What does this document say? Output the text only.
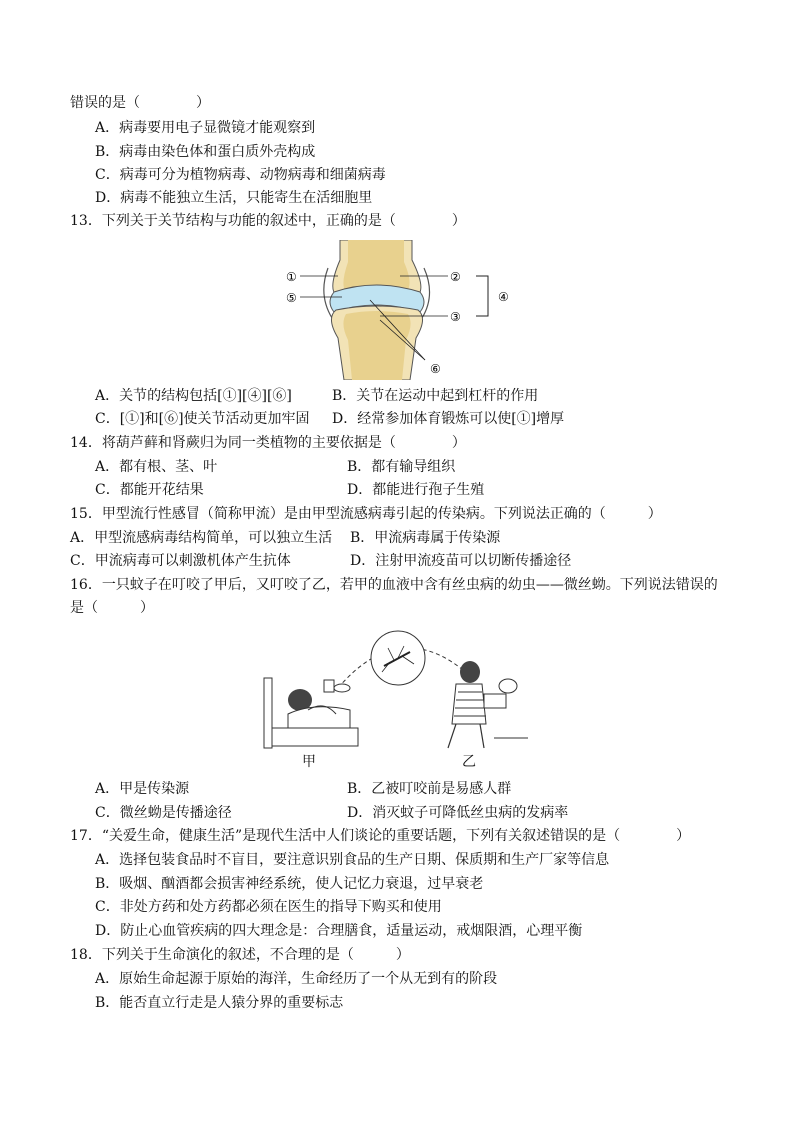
错误的是（　　　　）
A．病毒要用电子显微镜才能观察到
B．病毒由染色体和蛋白质外壳构成
C．病毒可分为植物病毒、动物病毒和细菌病毒
D．病毒不能独立生活，只能寄生在活细胞里
13．下列关于关节结构与功能的叙述中，正确的是（　　　　）
①
⑤
②
③
④
⑥
A．关节的结构包括[①][④][⑥]	B．关节在运动中起到杠杆的作用
C．[①]和[⑥]使关节活动更加牢固 D．经常参加体育锻炼可以使[①]增厚
14．将葫芦藓和肾蕨归为同一类植物的主要依据是（　　　　）
A．都有根、茎、叶	B．都有输导组织
C．都能开花结果	D．都能进行孢子生殖
15．甲型流行性感冒（简称甲流）是由甲型流感病毒引起的传染病。下列说法正确的（　　　）
A．甲型流感病毒结构简单，可以独立生活 B．甲流病毒属于传染源
C．甲流病毒可以刺激机体产生抗体	D．注射甲流疫苗可以切断传播途径
16．一只蚊子在叮咬了甲后，又叮咬了乙，若甲的血液中含有丝虫病的幼虫——微丝蚴。下列说法错误的
是（　　　）
甲	乙
A．甲是传染源	B．乙被叮咬前是易感人群
C．微丝蚴是传播途径	D．消灭蚊子可降低丝虫病的发病率
17．“关爱生命，健康生活”是现代生活中人们谈论的重要话题，下列有关叙述错误的是（　　　　）
A．选择包装食品时不盲目，要注意识别食品的生产日期、保质期和生产厂家等信息
B．吸烟、酗酒都会损害神经系统，使人记忆力衰退，过早衰老
C．非处方药和处方药都必须在医生的指导下购买和使用
D．防止心血管疾病的四大理念是：合理膳食，适量运动，戒烟限酒，心理平衡
18．下列关于生命演化的叙述，不合理的是（　　　）
A．原始生命起源于原始的海洋，生命经历了一个从无到有的阶段
B．能否直立行走是人猿分界的重要标志
